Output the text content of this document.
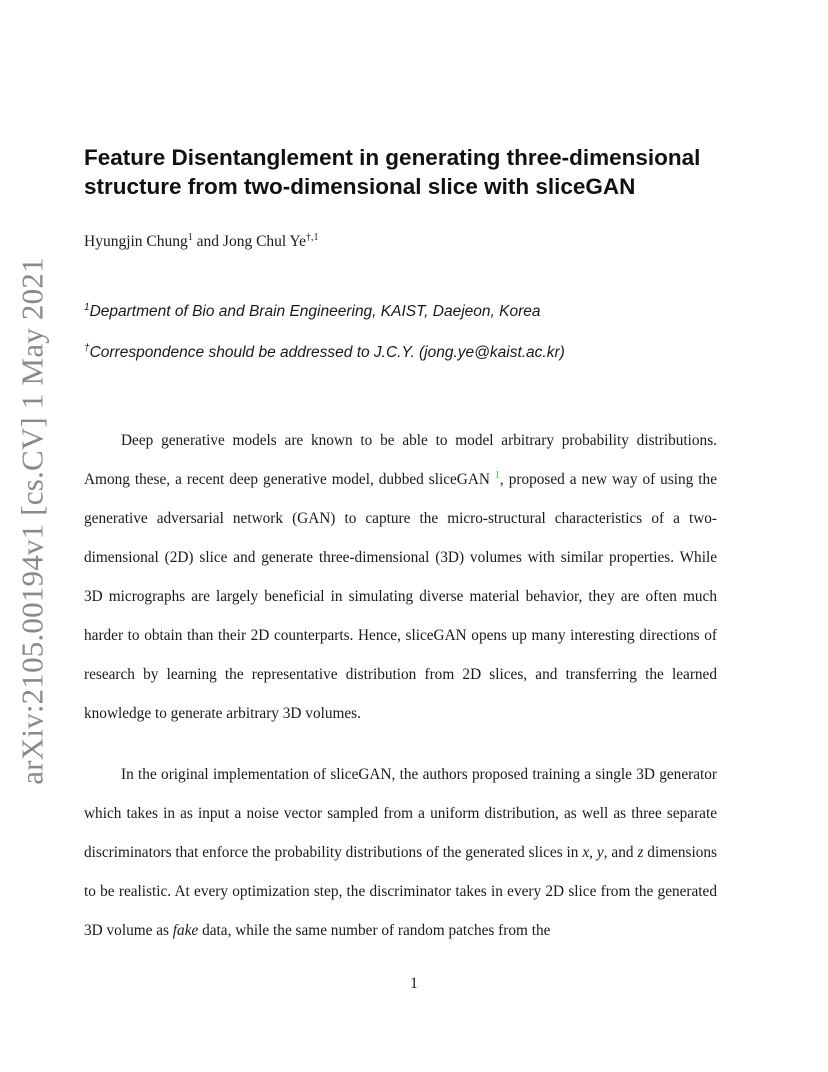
arXiv:2105.00194v1 [cs.CV] 1 May 2021
Feature Disentanglement in generating three-dimensional structure from two-dimensional slice with sliceGAN
Hyungjin Chung$^1$ and Jong Chul $Ye^{\dagger,1}$
$^1$Department of Bio and Brain Engineering, KAIST, Daejeon, Korea
†Correspondence should be addressed to J.C.Y. (jong.ye@kaist.ac.kr)

Deep generative models are known to be able to model arbitrary probability distributions. Among these, a recent deep generative model, dubbed sliceGAN $^1$, proposed a new way of using the generative adversarial network (GAN) to capture the micro-structural characteristics of a two-dimensional (2D) slice and generate three-dimensional (3D) volumes with similar properties. While 3D micrographs are largely beneficial in simulating diverse material behavior, they are often much harder to obtain than their 2D counterparts. Hence, sliceGAN opens up many interesting directions of research by learning the representative distribution from 2D slices, and transferring the learned knowledge to generate arbitrary 3D volumes.

In the original implementation of sliceGAN, the authors proposed training a single 3D generator which takes in as input a noise vector sampled from a uniform distribution, as well as three separate discriminators that enforce the probability distributions of the generated slices in x, y, and z dimensions to be realistic. At every optimization step, the discriminator takes in every 2D slice from the generated 3D volume as fake data, while the same number of random patches from the

1
